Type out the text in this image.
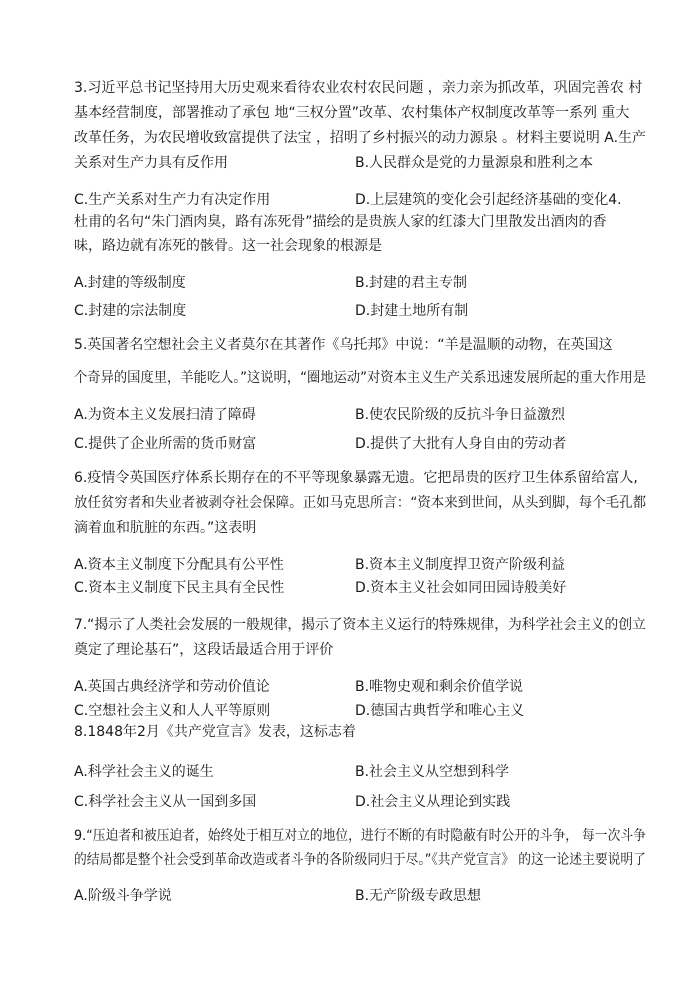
3.习近平总书记坚持用大历史观来看待农业农村农民问题 ，亲力亲为抓改革，巩固完善农 村
基本经营制度，部署推动了承包 地“三权分置”改革、农村集体产权制度改革等一系列 重大
改革任务，为农民增收致富提供了法宝 ，招明了乡村振兴的动力源泉 。材料主要说明 A.生产
关系对生产力具有反作用	B.人民群众是党的力量源泉和胜利之本
C.生产关系对生产力有决定作用	D.上层建筑的变化会引起经济基础的变化4.
杜甫的名句“朱门酒肉臭，路有冻死骨”描绘的是贵族人家的红漆大门里散发出酒肉的香
味，路边就有冻死的骸骨。这一社会现象的根源是
A.封建的等级制度	B.封建的君主专制
C.封建的宗法制度	D.封建土地所有制
5.英国著名空想社会主义者莫尔在其著作《乌托邦》中说：“羊是温顺的动物，在英国这
个奇异的国度里，羊能吃人。”这说明，“圈地运动”对资本主义生产关系迅速发展所起的重大作用是
A.为资本主义发展扫清了障碍	B.使农民阶级的反抗斗争日益激烈
C.提供了企业所需的货币财富	D.提供了大批有人身自由的劳动者
6.疫情令英国医疗体系长期存在的不平等现象暴露无遗。它把昂贵的医疗卫生体系留给富人,
放任贫穷者和失业者被剥夺社会保障。正如马克思所言：“资本来到世间，从头到脚，每个毛孔都
滴着血和肮脏的东西。”这表明
A.资本主义制度下分配具有公平性	B.资本主义制度捍卫资产阶级利益
C.资本主义制度下民主具有全民性	D.资本主义社会如同田园诗般美好
7.“揭示了人类社会发展的一般规律，揭示了资本主义运行的特殊规律，为科学社会主义的创立
奠定了理论基石”，这段话最适合用于评价
A.英国古典经济学和劳动价值论	B.唯物史观和剩余价值学说
C.空想社会主义和人人平等原则	D.德国古典哲学和唯心主义
8.1848年2月《共产党宣言》发表，这标志着
A.科学社会主义的诞生	B.社会主义从空想到科学
C.科学社会主义从一国到多国	D.社会主义从理论到实践
9.“压迫者和被压迫者，始终处于相互对立的地位，进行不断的有时隐蔽有时公开的斗争， 每一次斗争
的结局都是整个社会受到革命改造或者斗争的各阶级同归于尽。”《共产党宣言》 的这一论述主要说明了
A.阶级斗争学说	B.无产阶级专政思想
